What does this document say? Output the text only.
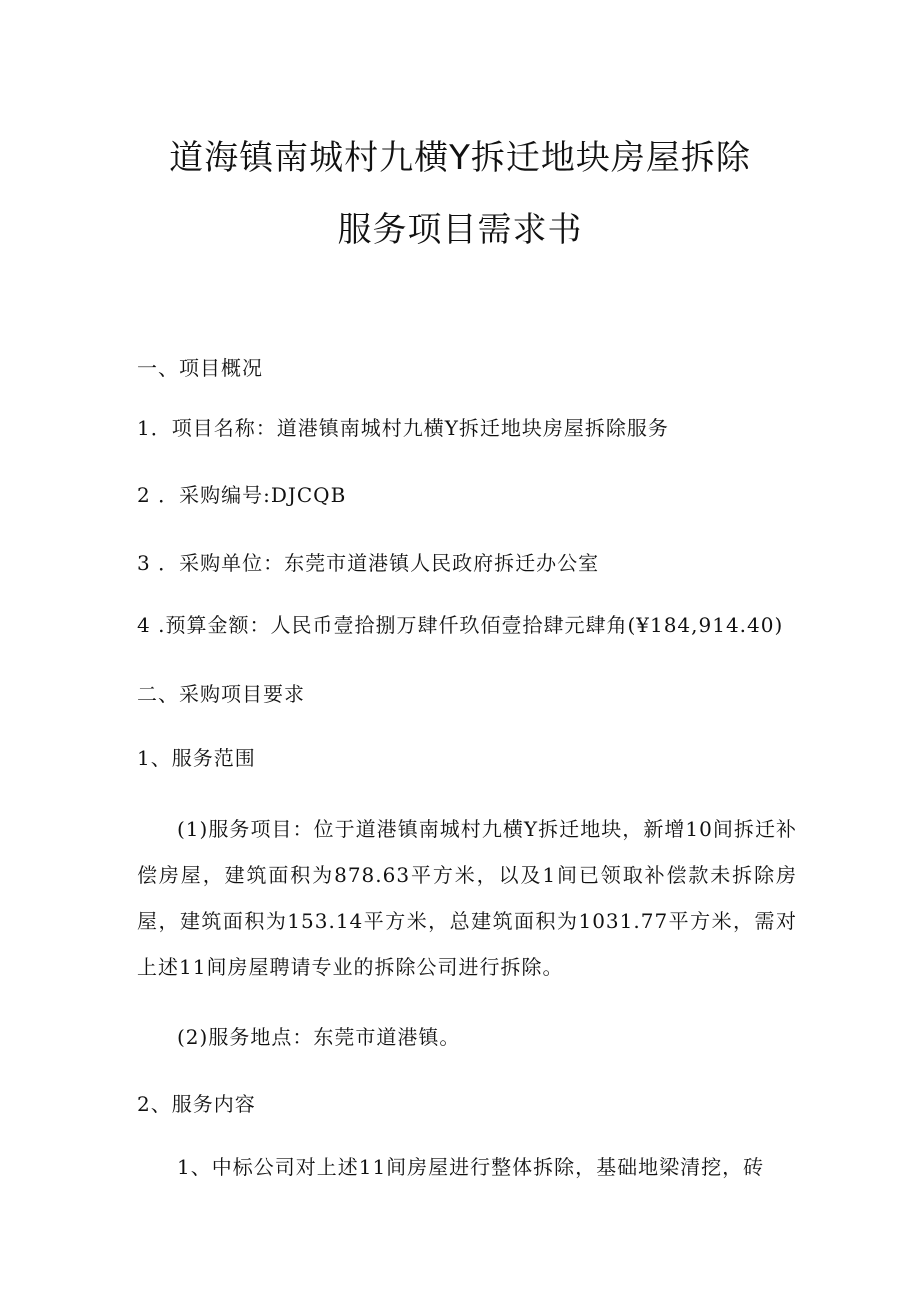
道海镇南城村九横Y拆迁地块房屋拆除
服务项目需求书
一、项目概况
1．项目名称：道港镇南城村九横Y拆迁地块房屋拆除服务
2 ．采购编号:DJCQB
3 ．采购单位：东莞市道港镇人民政府拆迁办公室
4 .预算金额：人民币壹拾捌万肆仟玖佰壹拾肆元肆角(¥184,914.40)
二、采购项目要求
1、服务范围
(1)服务项目：位于道港镇南城村九横Y拆迁地块，新增10间拆迁补偿房屋，建筑面积为878.63平方米，以及1间已领取补偿款未拆除房屋，建筑面积为153.14平方米，总建筑面积为1031.77平方米，需对上述11间房屋聘请专业的拆除公司进行拆除。
(2)服务地点：东莞市道港镇。
2、服务内容
1、中标公司对上述11间房屋进行整体拆除，基础地梁清挖，砖
